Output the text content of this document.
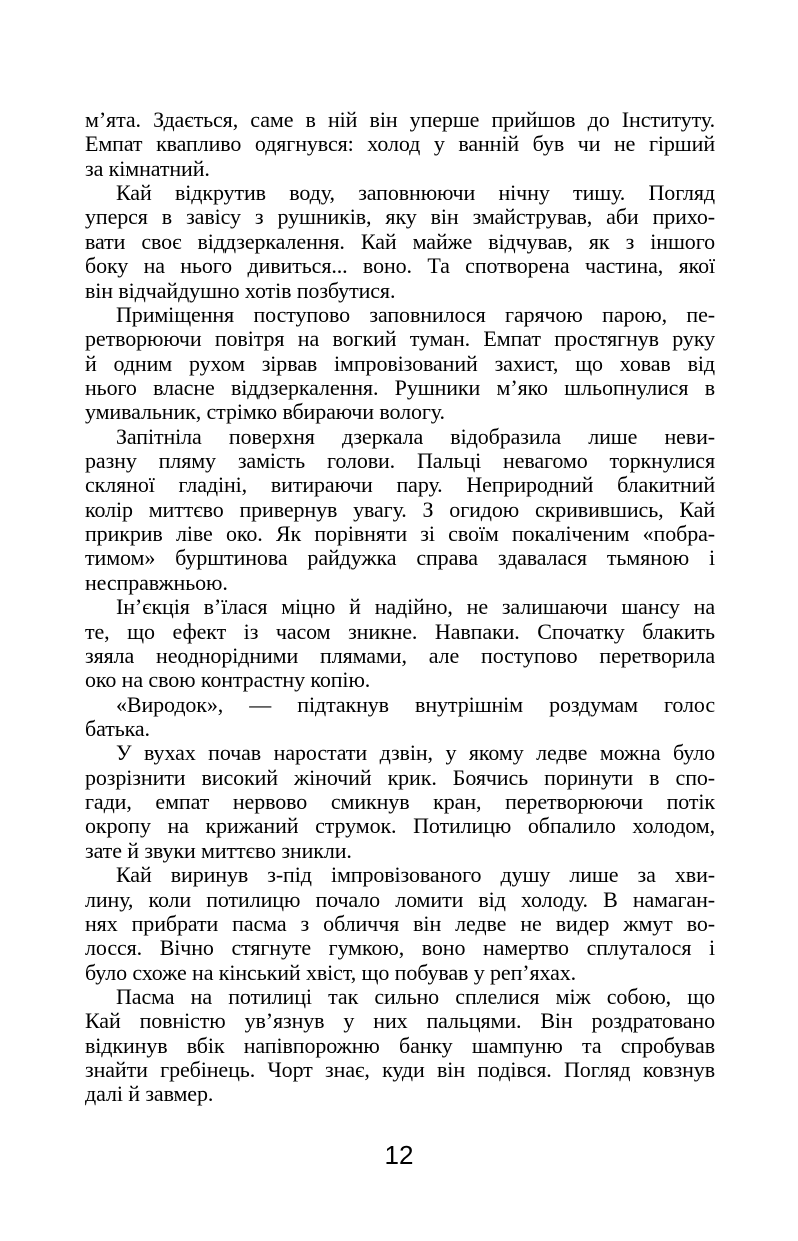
м’ята. Здається, саме в ній він уперше прийшов до Інституту.
Емпат квапливо одягнувся: холод у ванній був чи не гірший
за кімнатний.

Кай відкрутив воду, заповнюючи нічну тишу. Погляд
уперся в завісу з рушників, яку він змайстрував, аби прихо-
вати своє віддзеркалення. Кай майже відчував, як з іншого
боку на нього дивиться... воно. Та спотворена частина, якої
він відчайдушно хотів позбутися.

Приміщення поступово заповнилося гарячою парою, пе-
ретворюючи повітря на вогкий туман. Емпат простягнув руку
й одним рухом зірвав імпровізований захист, що ховав від
нього власне віддзеркалення. Рушники м’яко шльопнулися в
умивальник, стрімко вбираючи вологу.

Запітніла поверхня дзеркала відобразила лише неви-
разну пляму замість голови. Пальці невагомо торкнулися
скляної гладіні, витираючи пару. Неприродний блакитний
колір миттєво привернув увагу. З огидою скривившись, Кай
прикрив ліве око. Як порівняти зі своїм покаліченим «побра-
тимом» бурштинова райдужка справа здавалася тьмяною і
несправжньою.

Ін’єкція в’їлася міцно й надійно, не залишаючи шансу на
те, що ефект із часом зникне. Навпаки. Спочатку блакить
зяяла неоднорідними плямами, але поступово перетворила
око на свою контрастну копію.

«Виродок», — підтакнув внутрішнім роздумам голос
батька.

У вухах почав наростати дзвін, у якому ледве можна було
розрізнити високий жіночий крик. Боячись поринути в спо-
гади, емпат нервово смикнув кран, перетворюючи потік
окропу на крижаний струмок. Потилицю обпалило холодом,
зате й звуки миттєво зникли.

Кай виринув з-під імпровізованого душу лише за хви-
лину, коли потилицю почало ломити від холоду. В намаган-
нях прибрати пасма з обличчя він ледве не видер жмут во-
лосся. Вічно стягнуте гумкою, воно намертво сплуталося і
було схоже на кінський хвіст, що побував у реп’яхах.

Пасма на потилиці так сильно сплелися між собою, що
Кай повністю ув’язнув у них пальцями. Він роздратовано
відкинув вбік напівпорожню банку шампуню та спробував
знайти гребінець. Чорт знає, куди він подівся. Погляд ковзнув
далі й завмер.

12
